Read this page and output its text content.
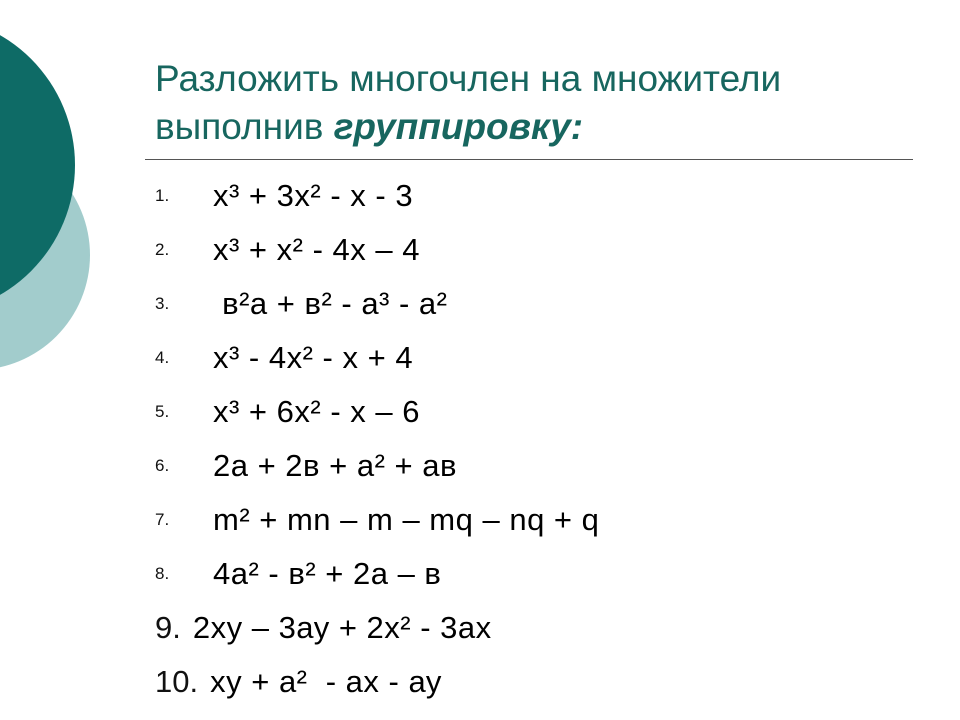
Разложить многочлен на множители
выполнив группировку:
1.	х³ + 3х² - х - 3
2.	х³ + х² - 4х – 4
3.	в²а + в² - а³ - а²
4.	х³ - 4х² - х + 4
5.	х³ + 6х² - х – 6
6.	2а + 2в + а² + ав
7.	m² + mn – m – mq – nq + q
8.	4а² - в² + 2а – в
9. 2ху – 3ау + 2х² - 3ах
10. ху + а²  - ах - ау
